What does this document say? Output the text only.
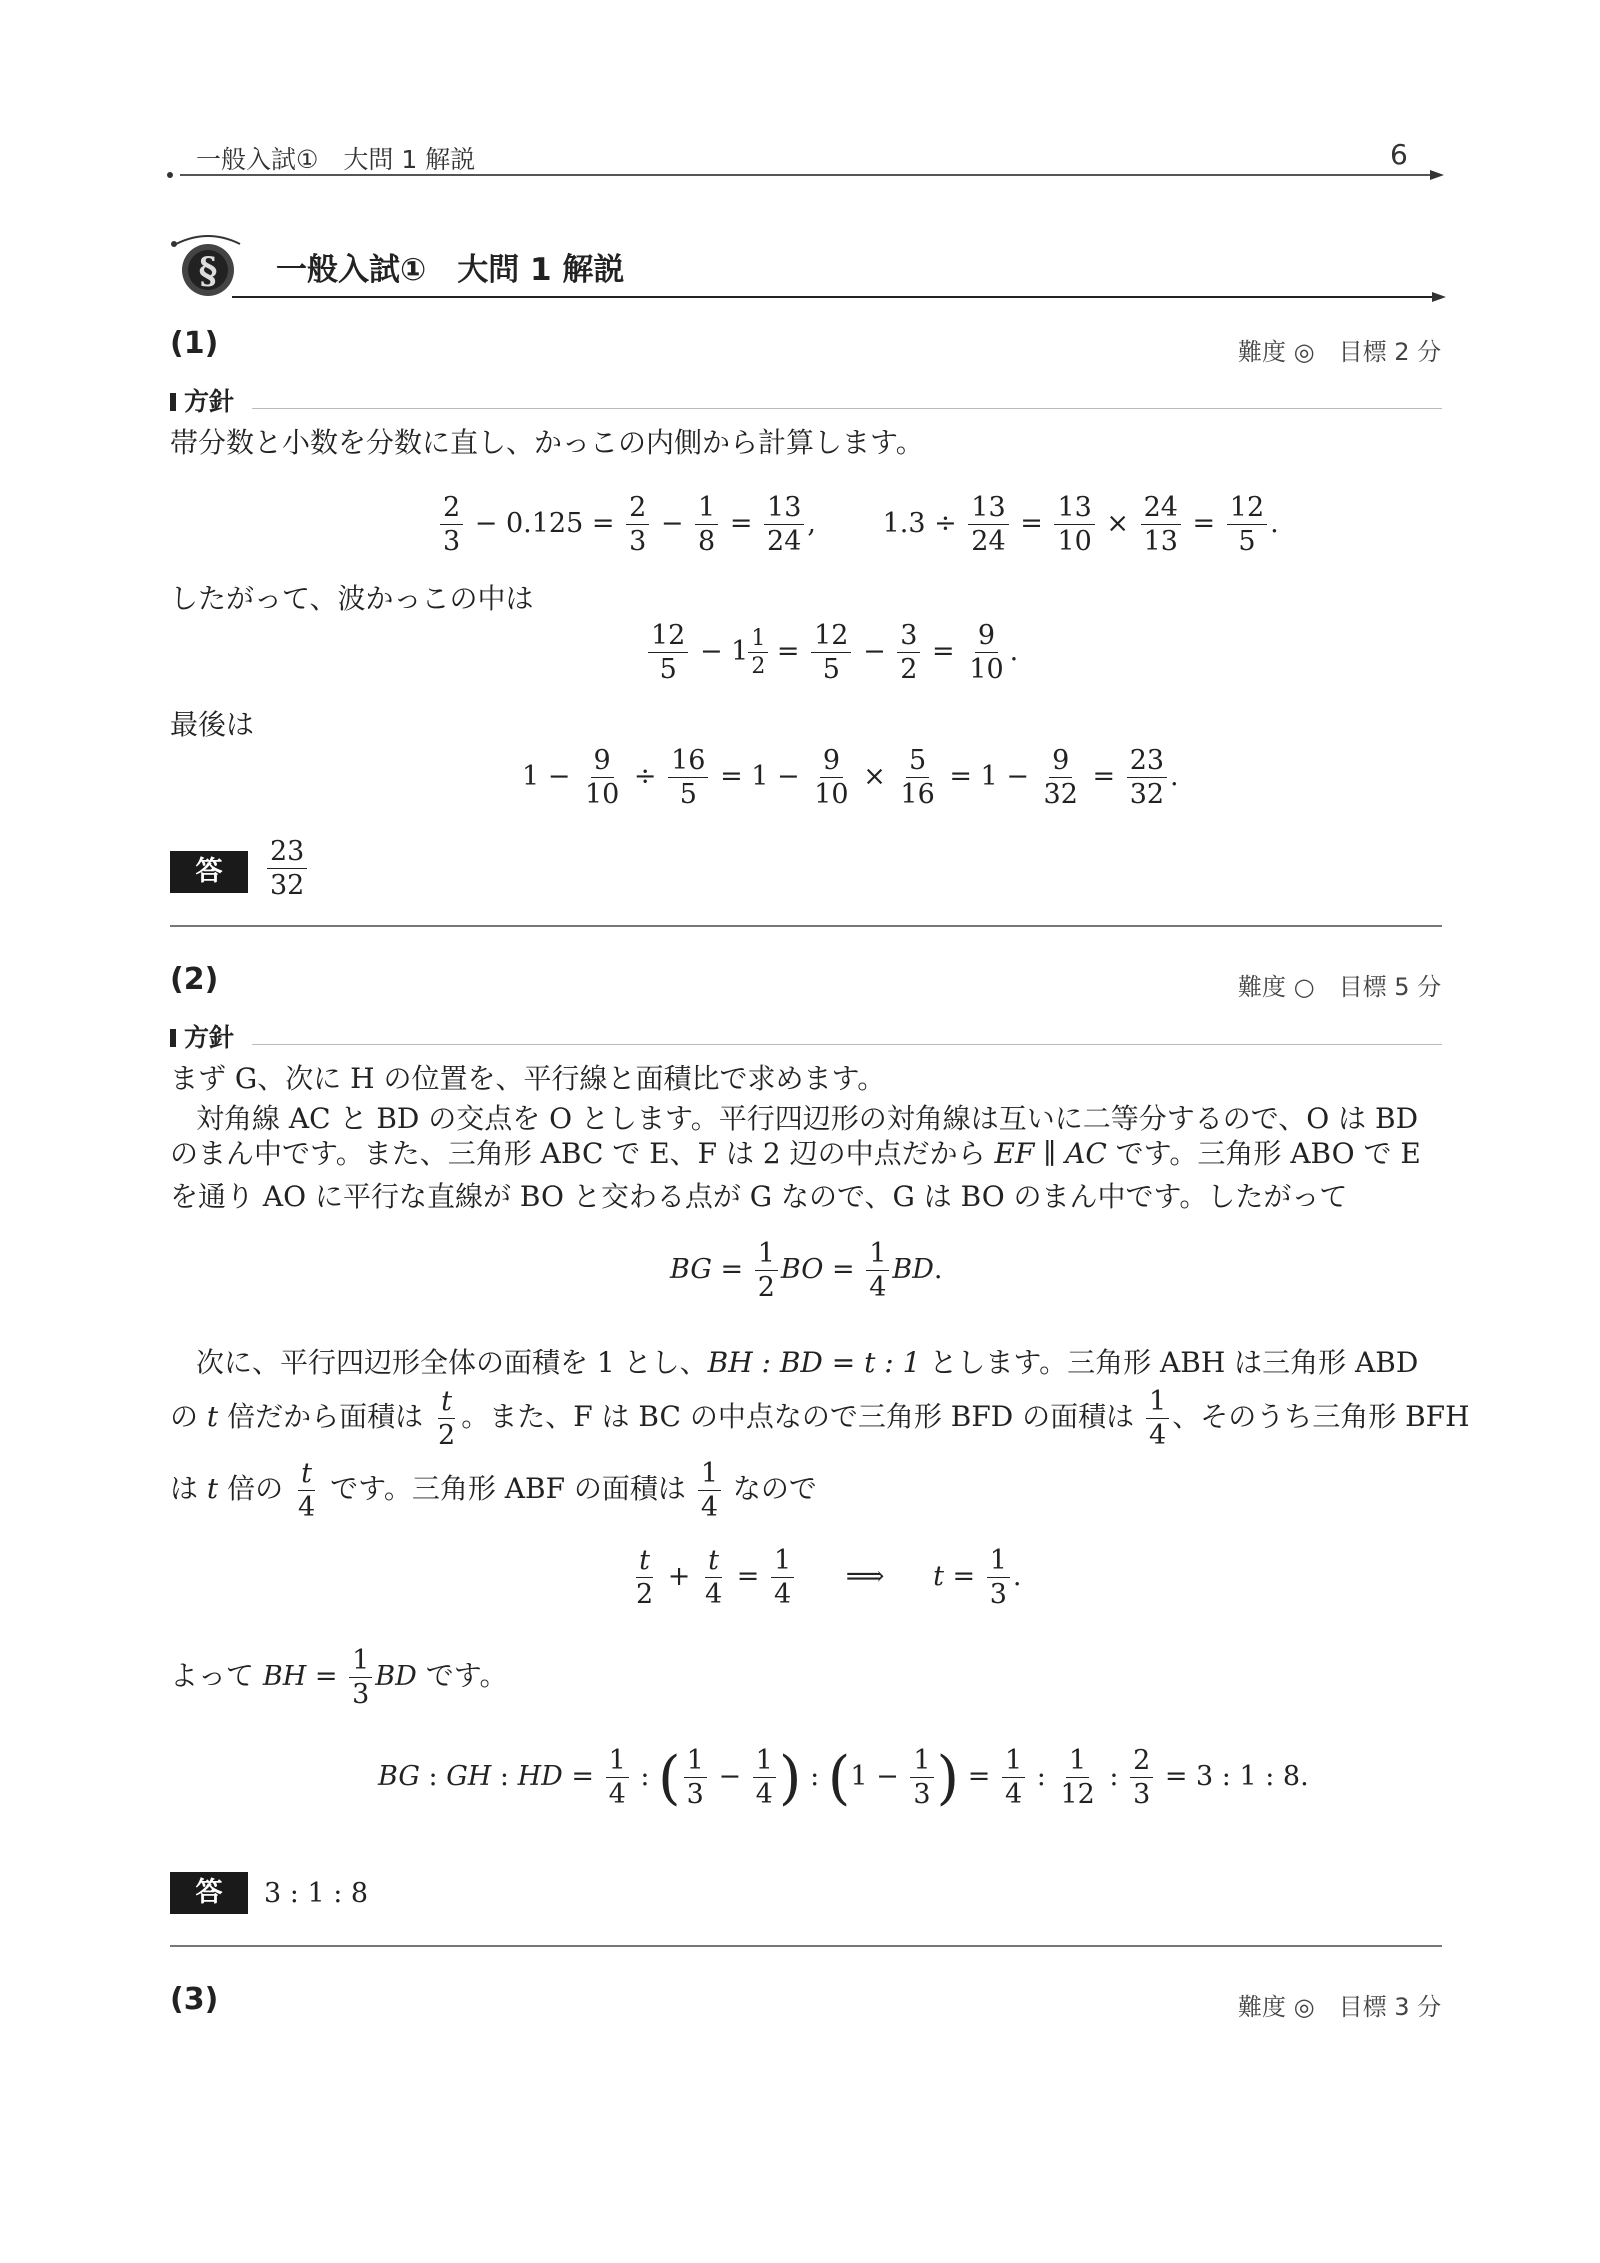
一般入試①　大問 1 解説	6
§ 一般入試①　大問 1 解説
(1)	難度 ◎　目標 2 分
方針
帯分数と小数を分数に直し、かっこの内側から計算します。
$\frac{2}{3} - 0.125 = \frac{2}{3} - \frac{1}{8} = \frac{13}{24}$ , $1.3 \div \frac{13}{24} = \frac{13}{10} \times \frac{24}{13} = \frac{12}{5}$ .
したがって、波かっこの中は
$\frac{12}{5} - 1 \frac{1}{2} = \frac{12}{5} - \frac{3}{2} = \frac{9}{10}$ .
最後は
$1 - \frac{9}{10} \div \frac{16}{5} = 1 - \frac{9}{10} \times \frac{5}{16} = 1 - \frac{9}{32} = \frac{23}{32}$ .
答	$\frac{23}{32}$
(2)	難度 ○　目標 5 分
方針
まず G、次に H の位置を、平行線と面積比で求めます。
対角線 AC と BD の交点を O とします。平行四辺形の対角線は互いに二等分するので、O は BD
のまん中です。また、三角形 ABC で E、F は 2 辺の中点だから EF ∥ AC です。三角形 ABO で E
を通り AO に平行な直線が BO と交わる点が G なので、G は BO のまん中です。したがって
BG = $\frac{1}{2}$ BO = $\frac{1}{4}$ BD.
次に、平行四辺形全体の面積を 1 とし、BH : BD = t : 1 とします。三角形 ABH は三角形 ABD
の t 倍だから面積は $\frac{t}{2}$ 。また、F は BC の中点なので三角形 BFD の面積は $\frac{1}{4}$ 、そのうち三角形 BFH
は t 倍の $\frac{t}{4}$ です。三角形 ABF の面積は $\frac{1}{4}$ なので
$\frac{t}{2} + \frac{t}{4} = \frac{1}{4}$ ⟹ $t = \frac{1}{3}$ .
よって BH = $\frac{1}{3}$ BD です。
BG : GH : HD = $\frac{1}{4}$ : ( $\frac{1}{3} - \frac{1}{4}$ ) : ($1 - \frac{1}{3}$ ) = $\frac{1}{4}$ : $\frac{1}{12}$ : $\frac{2}{3} = 3$ : 1 : 8.
答	3 : 1 : 8
(3)	難度 ◎　目標 3 分
